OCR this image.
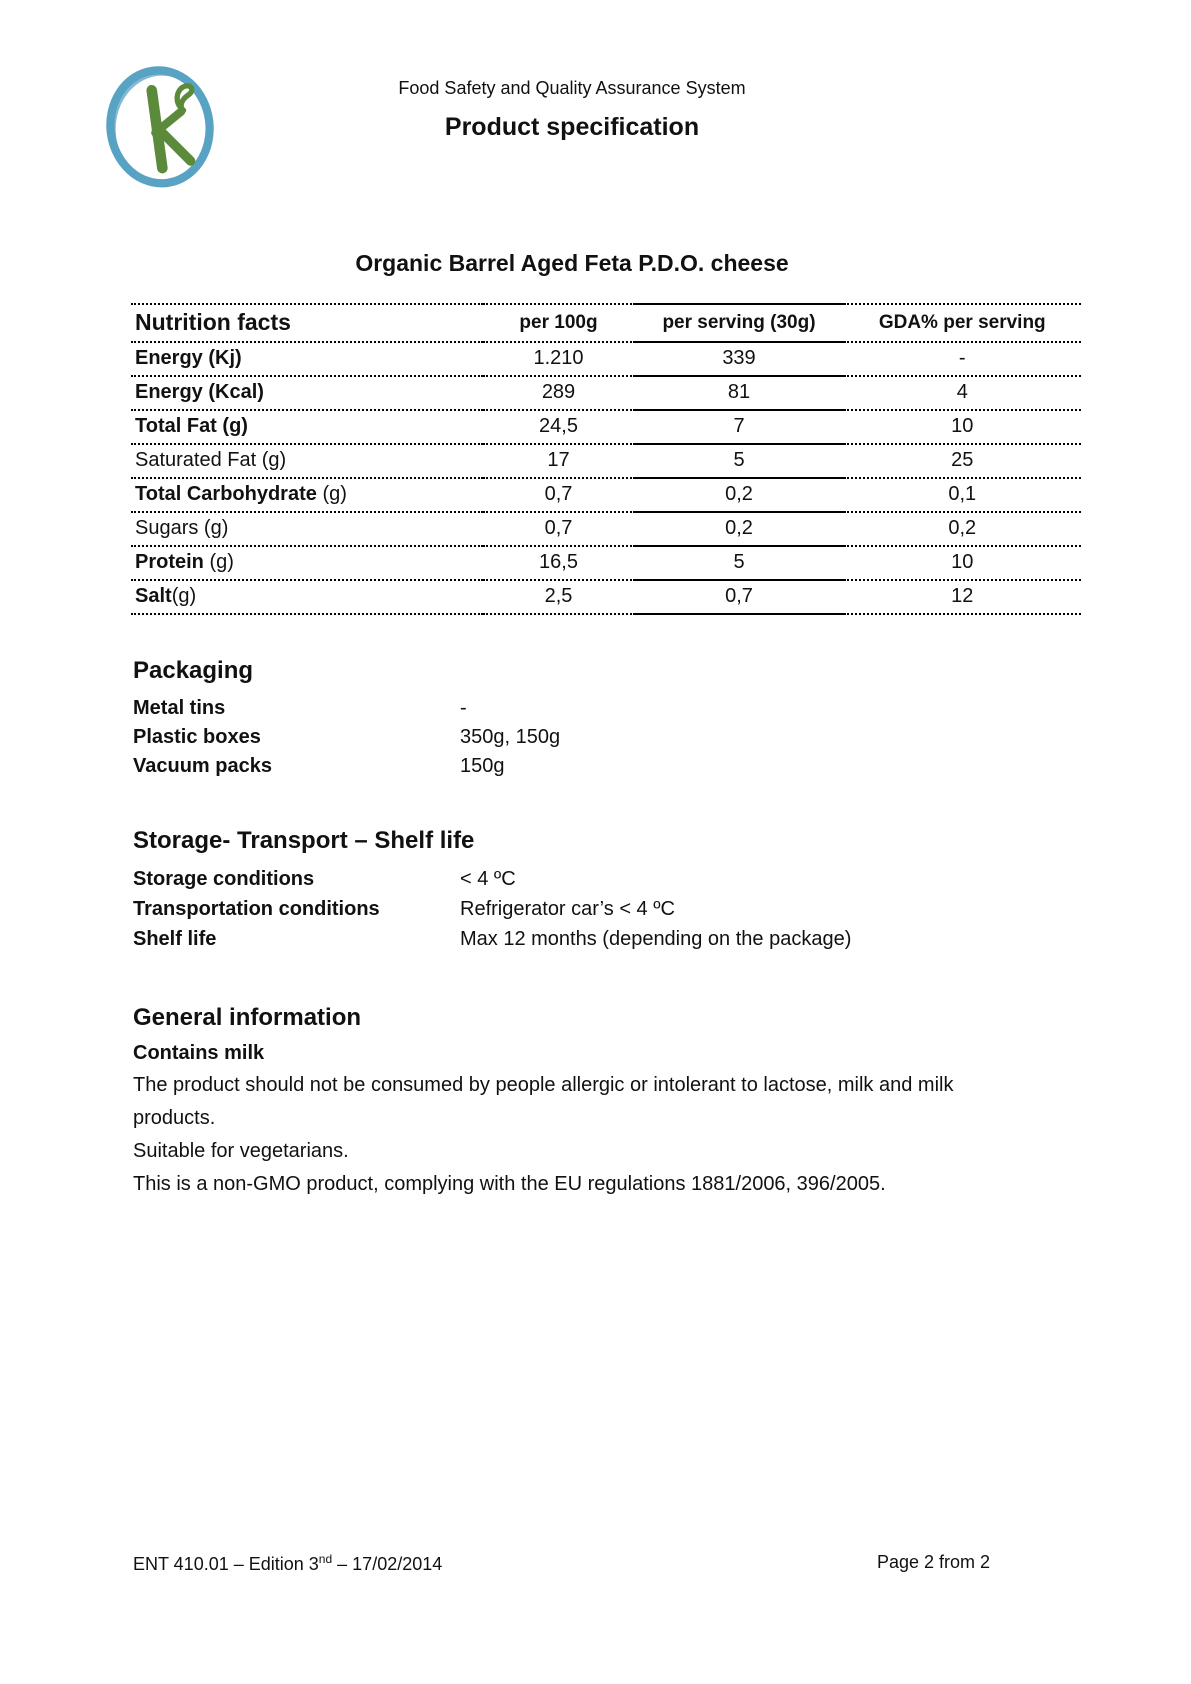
Food Safety and Quality Assurance System
Product specification
Organic Barrel Aged Feta P.D.O. cheese
Nutrition facts	per 100g	per serving (30g)	GDA% per serving
Energy (Kj)	1.210	339	-
Energy (Kcal)	289	81	4
Total Fat (g)	24,5	7	10
Saturated Fat (g)	17	5	25
Total Carbohydrate (g)	0,7	0,2	0,1
Sugars (g)	0,7	0,2	0,2
Protein (g)	16,5	5	10
Salt(g)	2,5	0,7	12
Packaging
Metal tins	-
Plastic boxes	350g, 150g
Vacuum packs	150g
Storage- Transport – Shelf life
Storage conditions	< 4 ºC
Transportation conditions	Refrigerator car’s < 4 ºC
Shelf life	Max 12 months (depending on the package)
General information
Contains milk
The product should not be consumed by people allergic or intolerant to lactose, milk and milk
products.
Suitable for vegetarians.
This is a non-GMO product, complying with the EU regulations 1881/2006, 396/2005.
ENT 410.01 – Edition 3nd – 17/02/2014	Page 2 from 2
